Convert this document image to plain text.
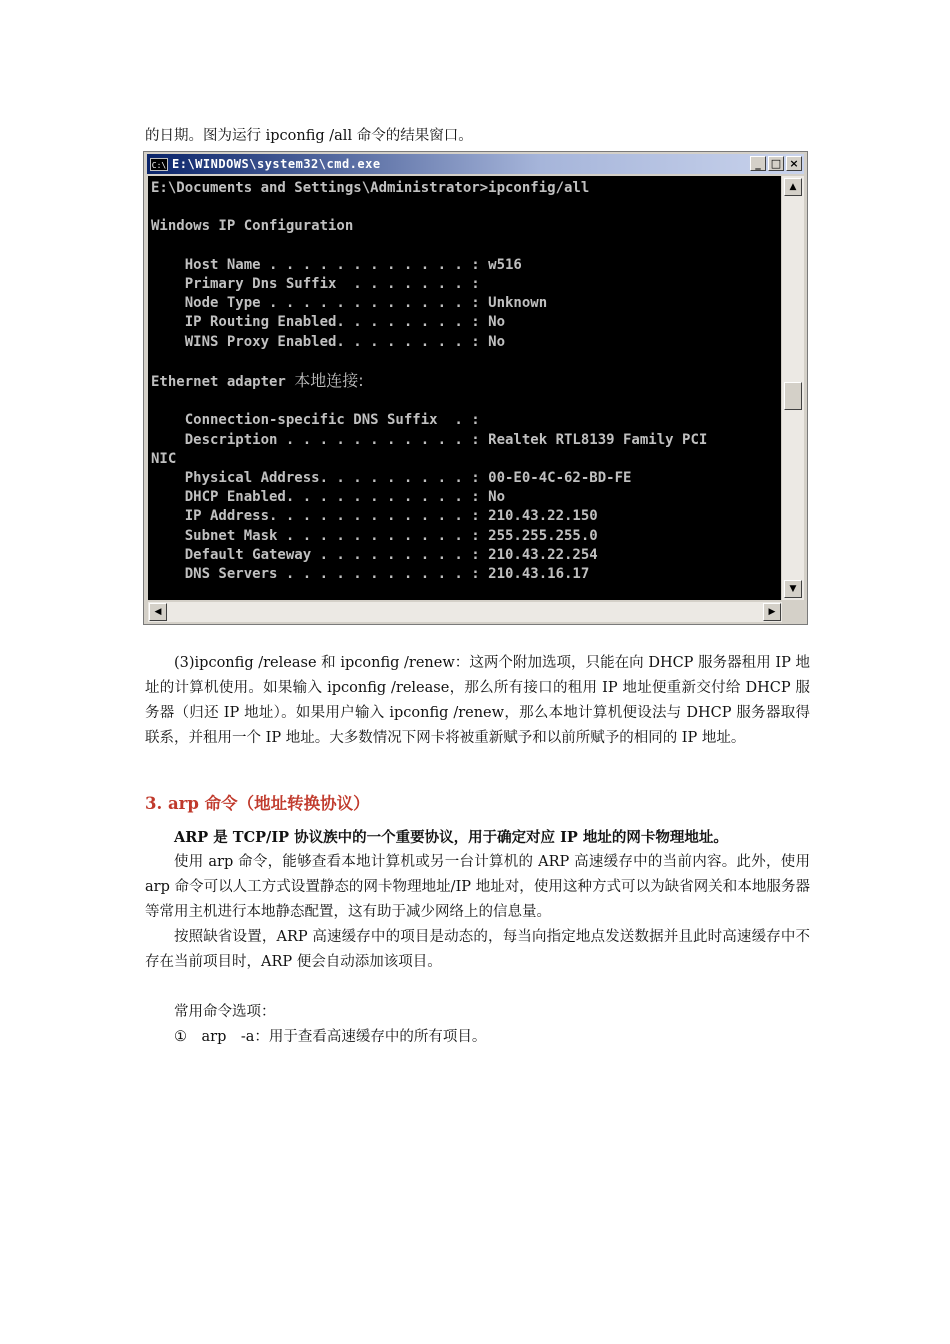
的日期。图为运行 ipconfig /all 命令的结果窗口。
C:\ E:\WINDOWS\system32\cmd.exe	_ □ ×
E:\Documents and Settings\Administrator>ipconfig/all

Windows IP Configuration

Host Name . . . . . . . . . . . . : w516
Primary Dns Suffix  . . . . . . . :
Node Type . . . . . . . . . . . . : Unknown
IP Routing Enabled. . . . . . . . : No
WINS Proxy Enabled. . . . . . . . : No

Ethernet adapter 本地连接:

Connection-specific DNS Suffix  . :
Description . . . . . . . . . . . : Realtek RTL8139 Family PCI
NIC
Physical Address. . . . . . . . . : 00-E0-4C-62-BD-FE
DHCP Enabled. . . . . . . . . . . : No
IP Address. . . . . . . . . . . . : 210.43.22.150
Subnet Mask . . . . . . . . . . . : 255.255.255.0
Default Gateway . . . . . . . . . : 210.43.22.254
DNS Servers . . . . . . . . . . . : 210.43.16.17
▲
▼
◀	▶
(3)ipconfig /release 和 ipconfig /renew：这两个附加选项，只能在向 DHCP 服务器租用 IP 地址的计算机使用。如果输入 ipconfig /release，那么所有接口的租用 IP 地址便重新交付给 DHCP 服务器（归还 IP 地址）。如果用户输入 ipconfig /renew，那么本地计算机便设法与 DHCP 服务器取得联系，并租用一个 IP 地址。大多数情况下网卡将被重新赋予和以前所赋予的相同的 IP 地址。
3. arp 命令（地址转换协议）
ARP 是 TCP/IP 协议族中的一个重要协议，用于确定对应 IP 地址的网卡物理地址。
使用 arp 命令，能够查看本地计算机或另一台计算机的 ARP 高速缓存中的当前内容。此外，使用 arp 命令可以人工方式设置静态的网卡物理地址/IP 地址对，使用这种方式可以为缺省网关和本地服务器等常用主机进行本地静态配置，这有助于减少网络上的信息量。
按照缺省设置，ARP 高速缓存中的项目是动态的，每当向指定地点发送数据并且此时高速缓存中不存在当前项目时，ARP 便会自动添加该项目。
常用命令选项：
①　arp　-a：用于查看高速缓存中的所有项目。
